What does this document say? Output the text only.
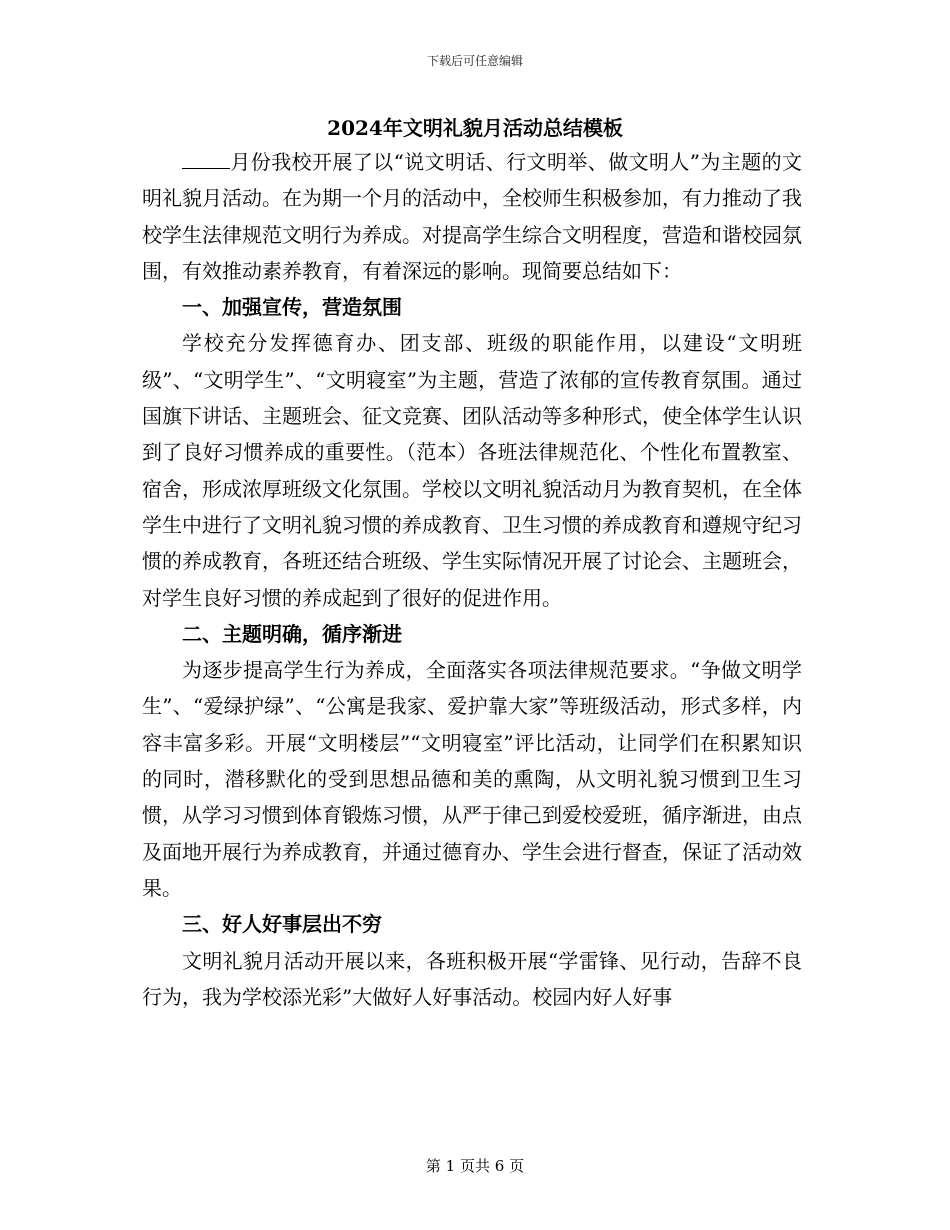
下载后可任意编辑
2024年文明礼貌月活动总结模板

月份我校开展了以“说文明话、行文明举、做文明人”为主题的文明礼貌月活动。在为期一个月的活动中，全校师生积极参加，有力推动了我校学生法律规范文明行为养成。对提高学生综合文明程度，营造和谐校园氛围，有效推动素养教育，有着深远的影响。现简要总结如下：

一、加强宣传，营造氛围

学校充分发挥德育办、团支部、班级的职能作用，以建设“文明班级”、“文明学生”、“文明寝室”为主题，营造了浓郁的宣传教育氛围。通过国旗下讲话、主题班会、征文竞赛、团队活动等多种形式，使全体学生认识到了良好习惯养成的重要性。（范本）各班法律规范化、个性化布置教室、宿舍，形成浓厚班级文化氛围。学校以文明礼貌活动月为教育契机，在全体学生中进行了文明礼貌习惯的养成教育、卫生习惯的养成教育和遵规守纪习惯的养成教育，各班还结合班级、学生实际情况开展了讨论会、主题班会，对学生良好习惯的养成起到了很好的促进作用。

二、主题明确，循序渐进

为逐步提高学生行为养成，全面落实各项法律规范要求。“争做文明学生”、“爱绿护绿”、“公寓是我家、爱护靠大家”等班级活动，形式多样，内容丰富多彩。开展“文明楼层”“文明寝室”评比活动，让同学们在积累知识的同时，潜移默化的受到思想品德和美的熏陶，从文明礼貌习惯到卫生习惯，从学习习惯到体育锻炼习惯，从严于律己到爱校爱班，循序渐进，由点及面地开展行为养成教育，并通过德育办、学生会进行督查，保证了活动效果。

三、好人好事层出不穷

文明礼貌月活动开展以来，各班积极开展“学雷锋、见行动，告辞不良行为，我为学校添光彩”大做好人好事活动。校园内好人好事

第 1 页共 6 页
